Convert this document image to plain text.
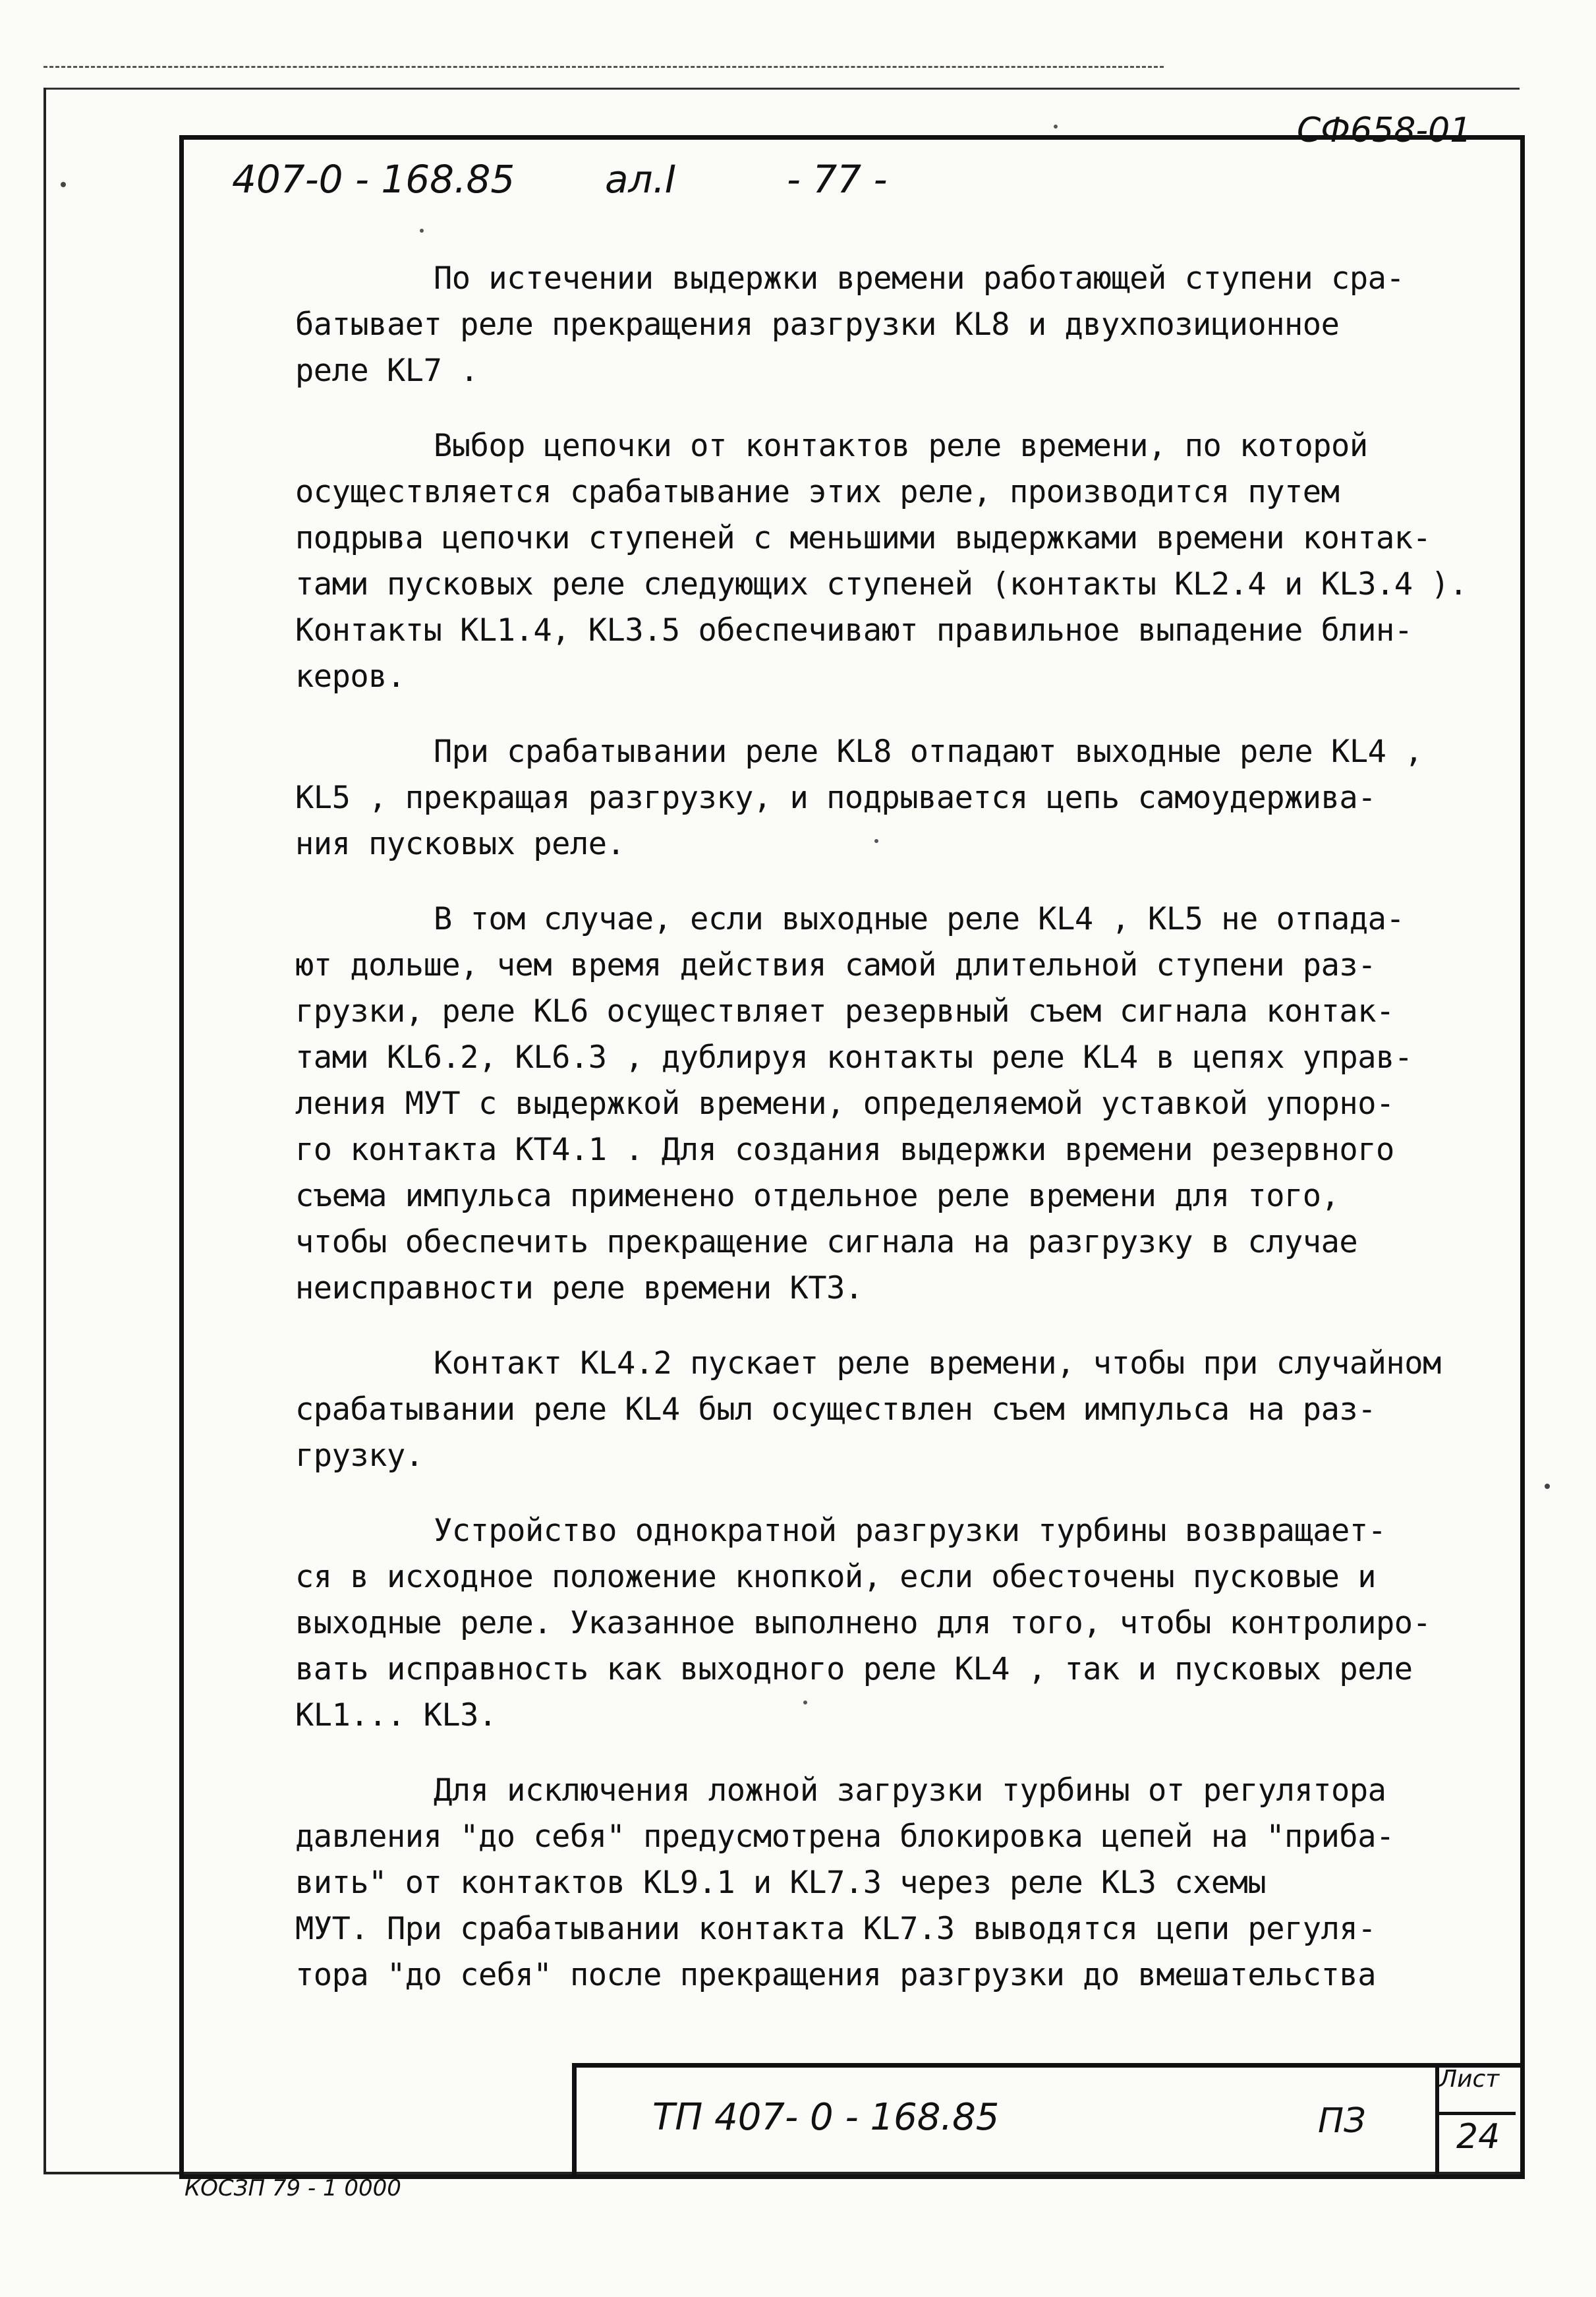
СФ658-01
407-0 - 168.85 ал.I	- 77 -

По истечении выдержки времени работающей ступени сра-
батывает реле прекращения разгрузки KL8 и двухпозиционное
реле KL7 .

Выбор цепочки от контактов реле времени, по которой
осуществляется срабатывание этих реле, производится путем
подрыва цепочки ступеней с меньшими выдержками времени контак-
тами пусковых реле следующих ступеней (контакты KL2.4 и KL3.4 ).
Контакты KL1.4, KL3.5 обеспечивают правильное выпадение блин-
керов.

При срабатывании реле KL8 отпадают выходные реле KL4 ,
KL5 , прекращая разгрузку, и подрывается цепь самоудержива-
ния пусковых реле.

В том случае, если выходные реле KL4 , KL5 не отпада-
ют дольше, чем время действия самой длительной ступени раз-
грузки, реле KL6 осуществляет резервный съем сигнала контак-
тами KL6.2, KL6.3 , дублируя контакты реле KL4 в цепях управ-
ления МУТ с выдержкой времени, определяемой уставкой упорно-
го контакта KT4.1 . Для создания выдержки времени резервного
съема импульса применено отдельное реле времени для того,
чтобы обеспечить прекращение сигнала на разгрузку в случае
неисправности реле времени KT3.

Контакт KL4.2 пускает реле времени, чтобы при случайном
срабатывании реле KL4 был осуществлен съем импульса на раз-
грузку.

Устройство однократной разгрузки турбины возвращает-
ся в исходное положение кнопкой, если обесточены пусковые и
выходные реле. Указанное выполнено для того, чтобы контролиро-
вать исправность как выходного реле KL4 , так и пусковых реле
KL1... KL3.

Для исключения ложной загрузки турбины от регулятора
давления "до себя" предусмотрена блокировка цепей на "прибa-
вить" от контактов KL9.1 и KL7.3 через реле KL3 схемы
МУТ. При срабатывании контакта KL7.3 выводятся цепи регуля-
тора "до себя" после прекращения разгрузки до вмешательства

Лист
ТП 407- 0 - 168.85	ПЗ	24
КОСЗП 79 - 1 0000
